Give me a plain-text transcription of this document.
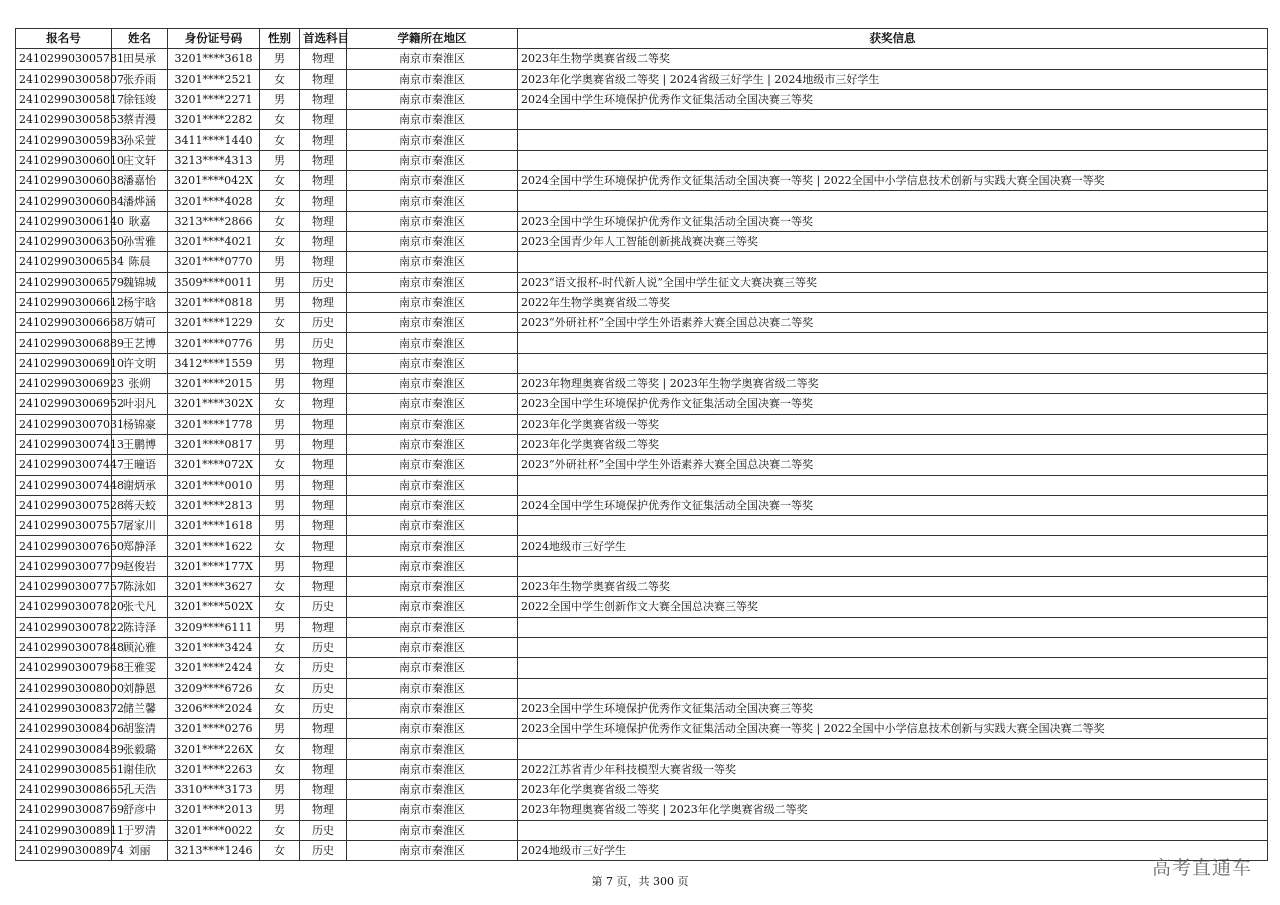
报名号	姓名	身份证号码	性别	首选科目	学籍所在地区	获奖信息
241029903005781	田昊承	3201****3618	男	物理	南京市秦淮区	2023年生物学奥赛省级二等奖
241029903005807	张乔雨	3201****2521	女	物理	南京市秦淮区	2023年化学奥赛省级二等奖 | 2024省级三好学生 | 2024地级市三好学生
241029903005817	徐钰竣	3201****2271	男	物理	南京市秦淮区	2024全国中学生环境保护优秀作文征集活动全国决赛三等奖
241029903005853	蔡青漫	3201****2282	女	物理	南京市秦淮区	
241029903005983	孙采萱	3411****1440	女	物理	南京市秦淮区	
241029903006010	庄文轩	3213****4313	男	物理	南京市秦淮区	
241029903006038	潘嘉怡	3201****042X	女	物理	南京市秦淮区	2024全国中学生环境保护优秀作文征集活动全国决赛一等奖 | 2022全国中小学信息技术创新与实践大赛全国决赛一等奖
241029903006084	潘烨涵	3201****4028	女	物理	南京市秦淮区	
241029903006140	耿嘉	3213****2866	女	物理	南京市秦淮区	2023全国中学生环境保护优秀作文征集活动全国决赛一等奖
241029903006350	孙雪雅	3201****4021	女	物理	南京市秦淮区	2023全国青少年人工智能创新挑战赛决赛三等奖
241029903006534	陈晨	3201****0770	男	物理	南京市秦淮区	
241029903006579	魏锦城	3509****0011	男	历史	南京市秦淮区	2023“语文报杯-时代新人说”全国中学生征文大赛决赛三等奖
241029903006612	杨宇晗	3201****0818	男	物理	南京市秦淮区	2022年生物学奥赛省级二等奖
241029903006668	万婧可	3201****1229	女	历史	南京市秦淮区	2023“外研社杯”全国中学生外语素养大赛全国总决赛二等奖
241029903006889	王艺博	3201****0776	男	历史	南京市秦淮区	
241029903006910	许文明	3412****1559	男	物理	南京市秦淮区	
241029903006923	张朔	3201****2015	男	物理	南京市秦淮区	2023年物理奥赛省级二等奖 | 2023年生物学奥赛省级二等奖
241029903006952	叶羽凡	3201****302X	女	物理	南京市秦淮区	2023全国中学生环境保护优秀作文征集活动全国决赛一等奖
241029903007031	杨锦豪	3201****1778	男	物理	南京市秦淮区	2023年化学奥赛省级一等奖
241029903007413	王鹏博	3201****0817	男	物理	南京市秦淮区	2023年化学奥赛省级二等奖
241029903007447	王曈语	3201****072X	女	物理	南京市秦淮区	2023“外研社杯”全国中学生外语素养大赛全国总决赛二等奖
241029903007448	谢炳承	3201****0010	男	物理	南京市秦淮区	
241029903007528	蒋天蛟	3201****2813	男	物理	南京市秦淮区	2024全国中学生环境保护优秀作文征集活动全国决赛一等奖
241029903007557	屠家川	3201****1618	男	物理	南京市秦淮区	
241029903007650	郑静泽	3201****1622	女	物理	南京市秦淮区	2024地级市三好学生
241029903007709	赵俊岩	3201****177X	男	物理	南京市秦淮区	
241029903007757	陈泳如	3201****3627	女	物理	南京市秦淮区	2023年生物学奥赛省级二等奖
241029903007820	张弋凡	3201****502X	女	历史	南京市秦淮区	2022全国中学生创新作文大赛全国总决赛三等奖
241029903007822	陈诗泽	3209****6111	男	物理	南京市秦淮区	
241029903007848	顾沁雅	3201****3424	女	历史	南京市秦淮区	
241029903007968	王雅雯	3201****2424	女	历史	南京市秦淮区	
241029903008000	刘静恩	3209****6726	女	历史	南京市秦淮区	
241029903008372	储兰馨	3206****2024	女	历史	南京市秦淮区	2023全国中学生环境保护优秀作文征集活动全国决赛三等奖
241029903008406	胡鉴清	3201****0276	男	物理	南京市秦淮区	2023全国中学生环境保护优秀作文征集活动全国决赛一等奖 | 2022全国中小学信息技术创新与实践大赛全国决赛二等奖
241029903008489	张毅璐	3201****226X	女	物理	南京市秦淮区	
241029903008561	谢佳欣	3201****2263	女	物理	南京市秦淮区	2022江苏省青少年科技模型大赛省级一等奖
241029903008665	孔天浩	3310****3173	男	物理	南京市秦淮区	2023年化学奥赛省级二等奖
241029903008769	舒彦中	3201****2013	男	物理	南京市秦淮区	2023年物理奥赛省级二等奖 | 2023年化学奥赛省级二等奖
241029903008911	于罗清	3201****0022	女	历史	南京市秦淮区	
241029903008974	刘丽	3213****1246	女	历史	南京市秦淮区	2024地级市三好学生
第 7 页，共 300 页
高考直通车
